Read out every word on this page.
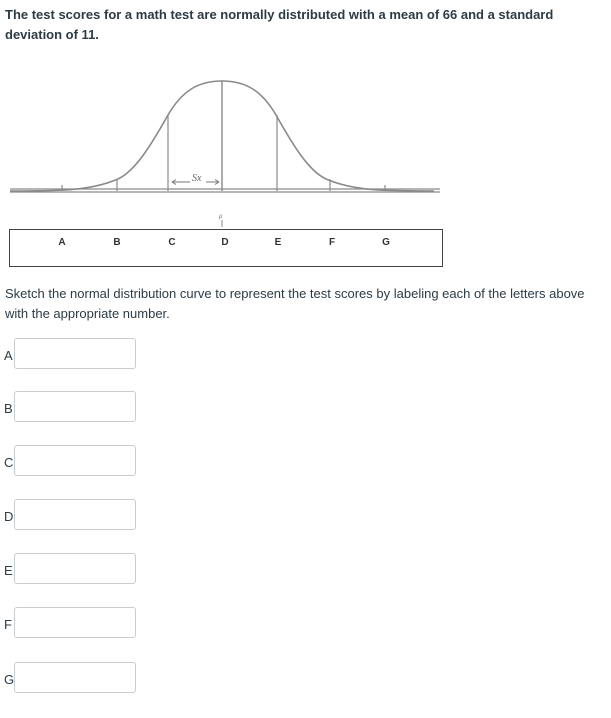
The test scores for a math test are normally distributed with a mean of 66 and a standard deviation of 11.
Sx
μ
A	B	C	D	E	F	G
Sketch the normal distribution curve to represent the test scores by labeling each of the letters above with the appropriate number.
A
B
C
D
E
F
G
